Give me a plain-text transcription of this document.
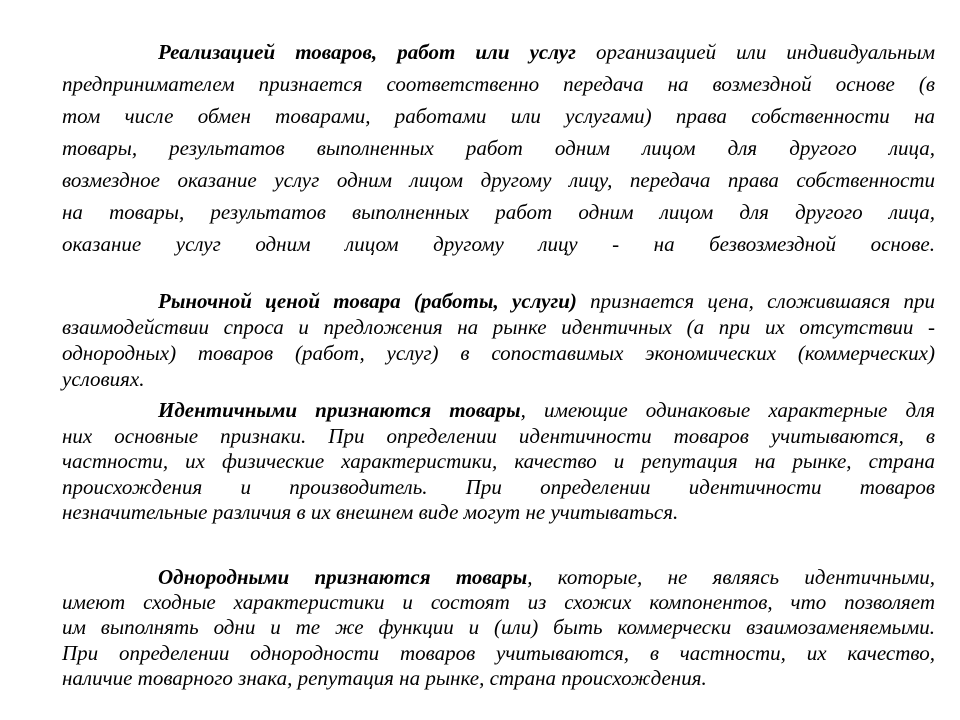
Реализацией товаров, работ или услуг организацией или индивидуальным
предпринимателем признается соответственно передача на возмездной основе (в
том числе обмен товарами, работами или услугами) права собственности на
товары, результатов выполненных работ одним лицом для другого лица,
возмездное оказание услуг одним лицом другому лицу, передача права собственности
на товары, результатов выполненных работ одним лицом для другого лица,
оказание услуг одним лицом другому лицу - на безвозмездной основе.
Рыночной ценой товара (работы, услуги) признается цена, сложившаяся при
взаимодействии спроса и предложения на рынке идентичных (а при их отсутствии -
однородных) товаров (работ, услуг) в сопоставимых экономических (коммерческих)
условиях.
Идентичными признаются товары, имеющие одинаковые характерные для
них основные признаки. При определении идентичности товаров учитываются, в
частности, их физические характеристики, качество и репутация на рынке, страна
происхождения и производитель. При определении идентичности товаров
незначительные различия в их внешнем виде могут не учитываться.
Однородными признаются товары, которые, не являясь идентичными,
имеют сходные характеристики и состоят из схожих компонентов, что позволяет
им выполнять одни и те же функции и (или) быть коммерчески взаимозаменяемыми.
При определении однородности товаров учитываются, в частности, их качество,
наличие товарного знака, репутация на рынке, страна происхождения.
